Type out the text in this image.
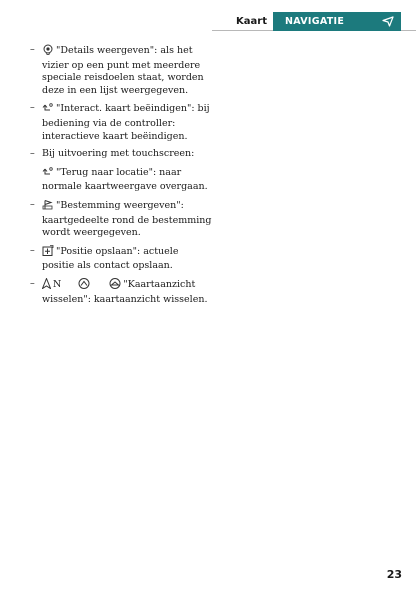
Kaart	NAVIGATIE
– "Details weergeven": als het vizier op een punt met meerdere speciale reisdoelen staat, worden deze in een lijst weergegeven.
– "Interact. kaart beëindigen": bij bediening via de controller: interactieve kaart beëindigen.
– Bij uitvoering met touchscreen:
"Terug naar locatie": naar normale kaartweergave overgaan.
– "Bestemming weergeven": kaartgedeelte rond de bestemming wordt weergegeven.
– "Positie opslaan": actuele positie als contact opslaan.
– N	"Kaartaanzicht wisselen": kaartaanzicht wisselen.
23
